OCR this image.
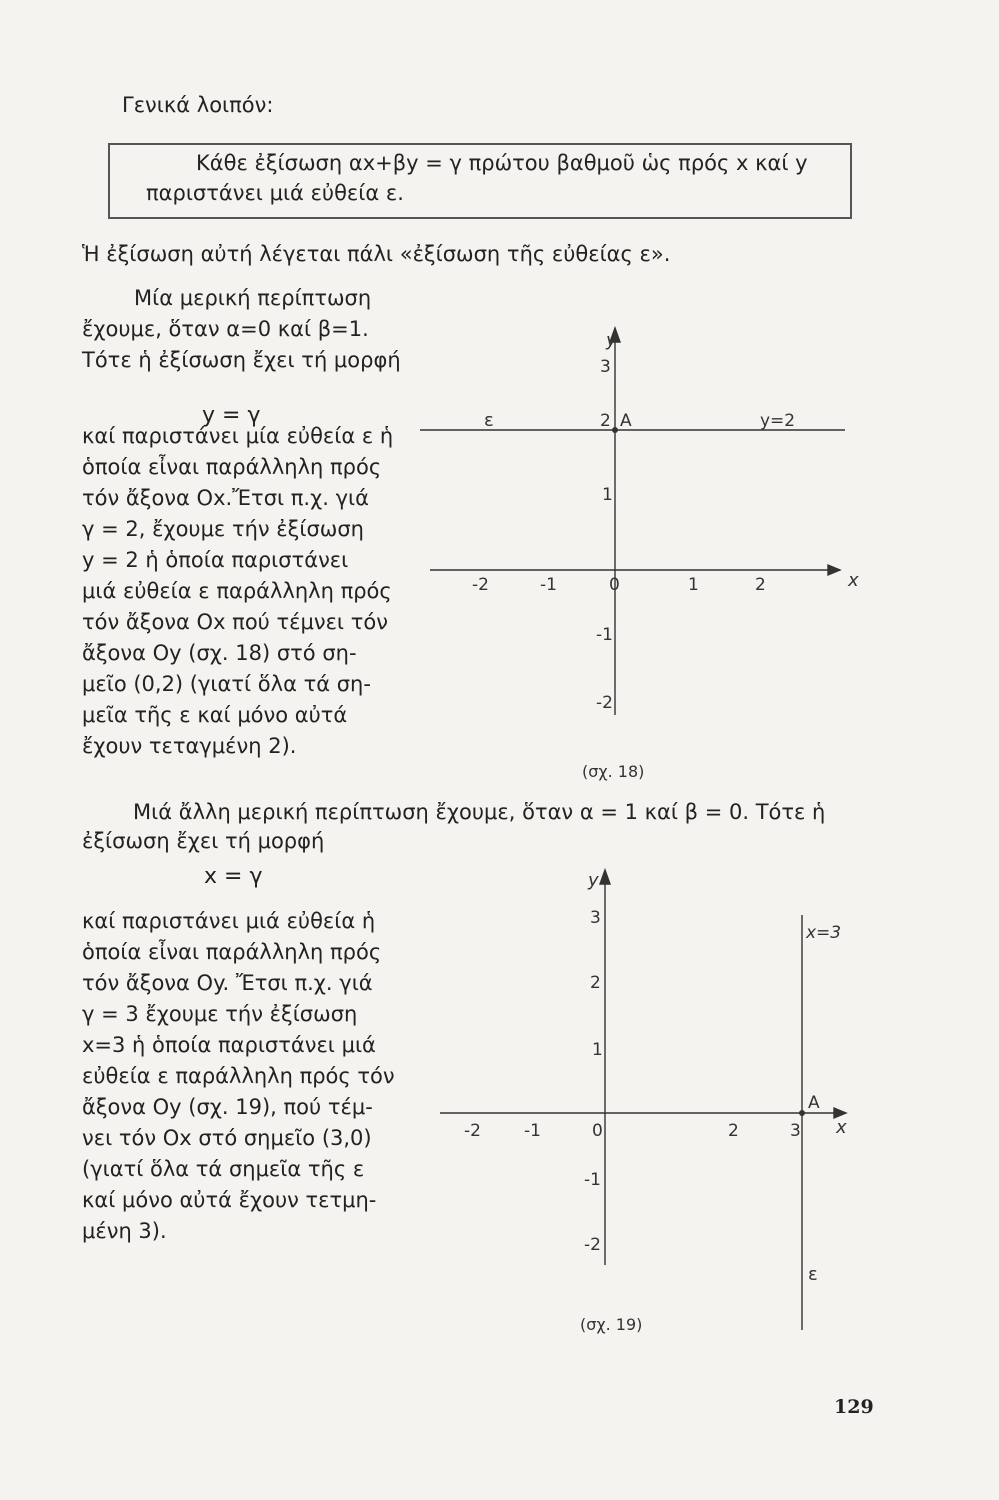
Γενικά λοιπόν:
Κάθε ἐξίσωση αx+βy = γ πρώτου βαθμοῦ ὡς πρός x καί y
παριστάνει μιά εὐθεία ε.
Ἡ ἐξίσωση αὐτή λέγεται πάλι «ἐξίσωση τῆς εὐθείας ε».
Μία μερική περίπτωση
ἔχουμε, ὅταν α=0 καί β=1.
Τότε ἡ ἐξίσωση ἔχει τή μορφή
y = γ
καί παριστάνει μία εὐθεία ε ἡ
ὁποία εἶναι παράλληλη πρός
τόν ἄξονα Οx.Ἔτσι π.χ. γιά
γ = 2, ἔχουμε τήν ἐξίσωση
y = 2 ἡ ὁποία παριστάνει
μιά εὐθεία ε παράλληλη πρός
τόν ἄξονα Οx πού τέμνει τόν
ἄξονα Οy (σχ. 18) στό ση-
μεῖο (0,2) (γιατί ὅλα τά ση-
μεῖα τῆς ε καί μόνο αὐτά
ἔχουν τεταγμένη 2).
y
x
ε	A	y=2
-2	-1	0	1	2
3
2
1
-1
-2
(σχ. 18)
Μιά ἄλλη μερική περίπτωση ἔχουμε, ὅταν α = 1 καί β = 0. Τότε ἡ
ἐξίσωση ἔχει τή μορφή
x = γ
καί παριστάνει μιά εὐθεία ἡ
ὁποία εἶναι παράλληλη πρός
τόν ἄξονα Οy. Ἔτσι π.χ. γιά
γ = 3 ἔχουμε τήν ἐξίσωση
x=3 ἡ ὁποία παριστάνει μιά
εὐθεία ε παράλληλη πρός τόν
ἄξονα Οy (σχ. 19), πού τέμ-
νει τόν Οx στό σημεῖο (3,0)
(γιατί ὅλα τά σημεῖα τῆς ε
καί μόνο αὐτά ἔχουν τετμη-
μένη 3).
y
x
ε
A
x=3
-2	-1	0	2	3
3
2
1
-1
-2
(σχ. 19)
129
